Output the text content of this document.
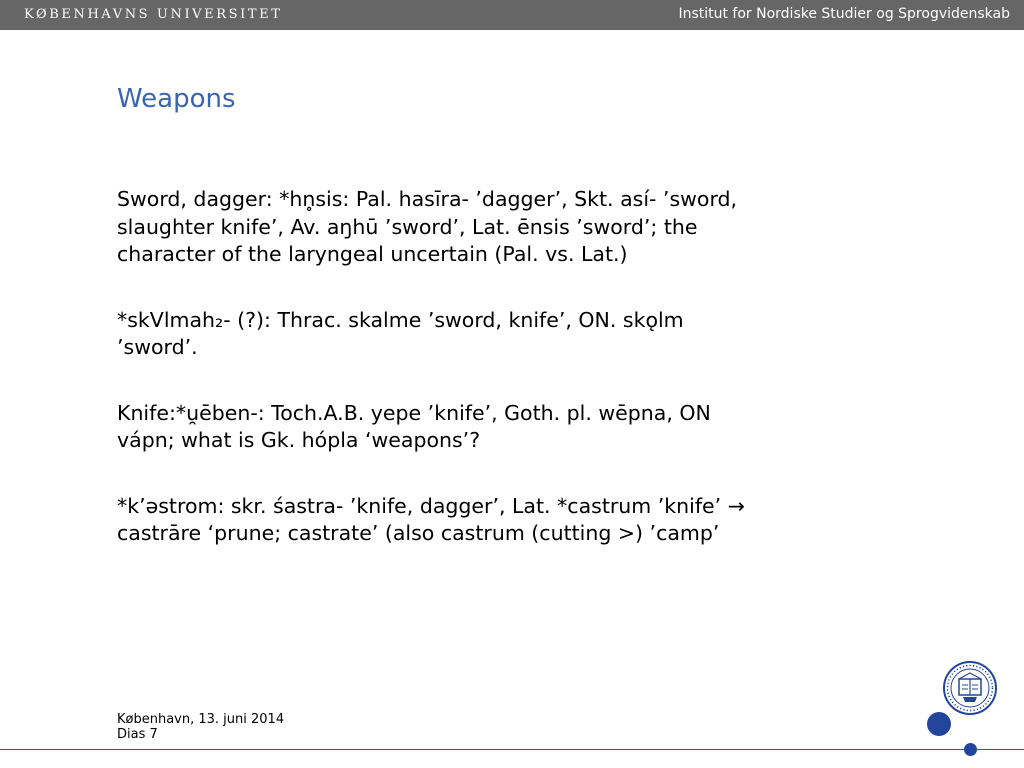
KØBENHAVNS UNIVERSITET	Institut for Nordiske Studier og Sprogvidenskab
Weapons

Sword, dagger: *hn̥sis: Pal. hasīra- ’dagger’, Skt. así- ’sword,
slaughter knife’, Av. aŋhū ’sword’, Lat. ēnsis ’sword’; the
character of the laryngeal uncertain (Pal. vs. Lat.)

*skVlmah₂- (?): Thrac. skalme ’sword, knife’, ON. skǫlm
’sword’.

Knife:*u̯ēben-: Toch.A.B. yepe ’knife’, Goth. pl. wēpna, ON
vápn; what is Gk. hópla ‘weapons’?

*k’əstrom: skr. śastra- ’knife, dagger’, Lat. *castrum ’knife’ →
castrāre ‘prune; castrate’ (also castrum (cutting >) ’camp’

København, 13. juni 2014
Dias 7
